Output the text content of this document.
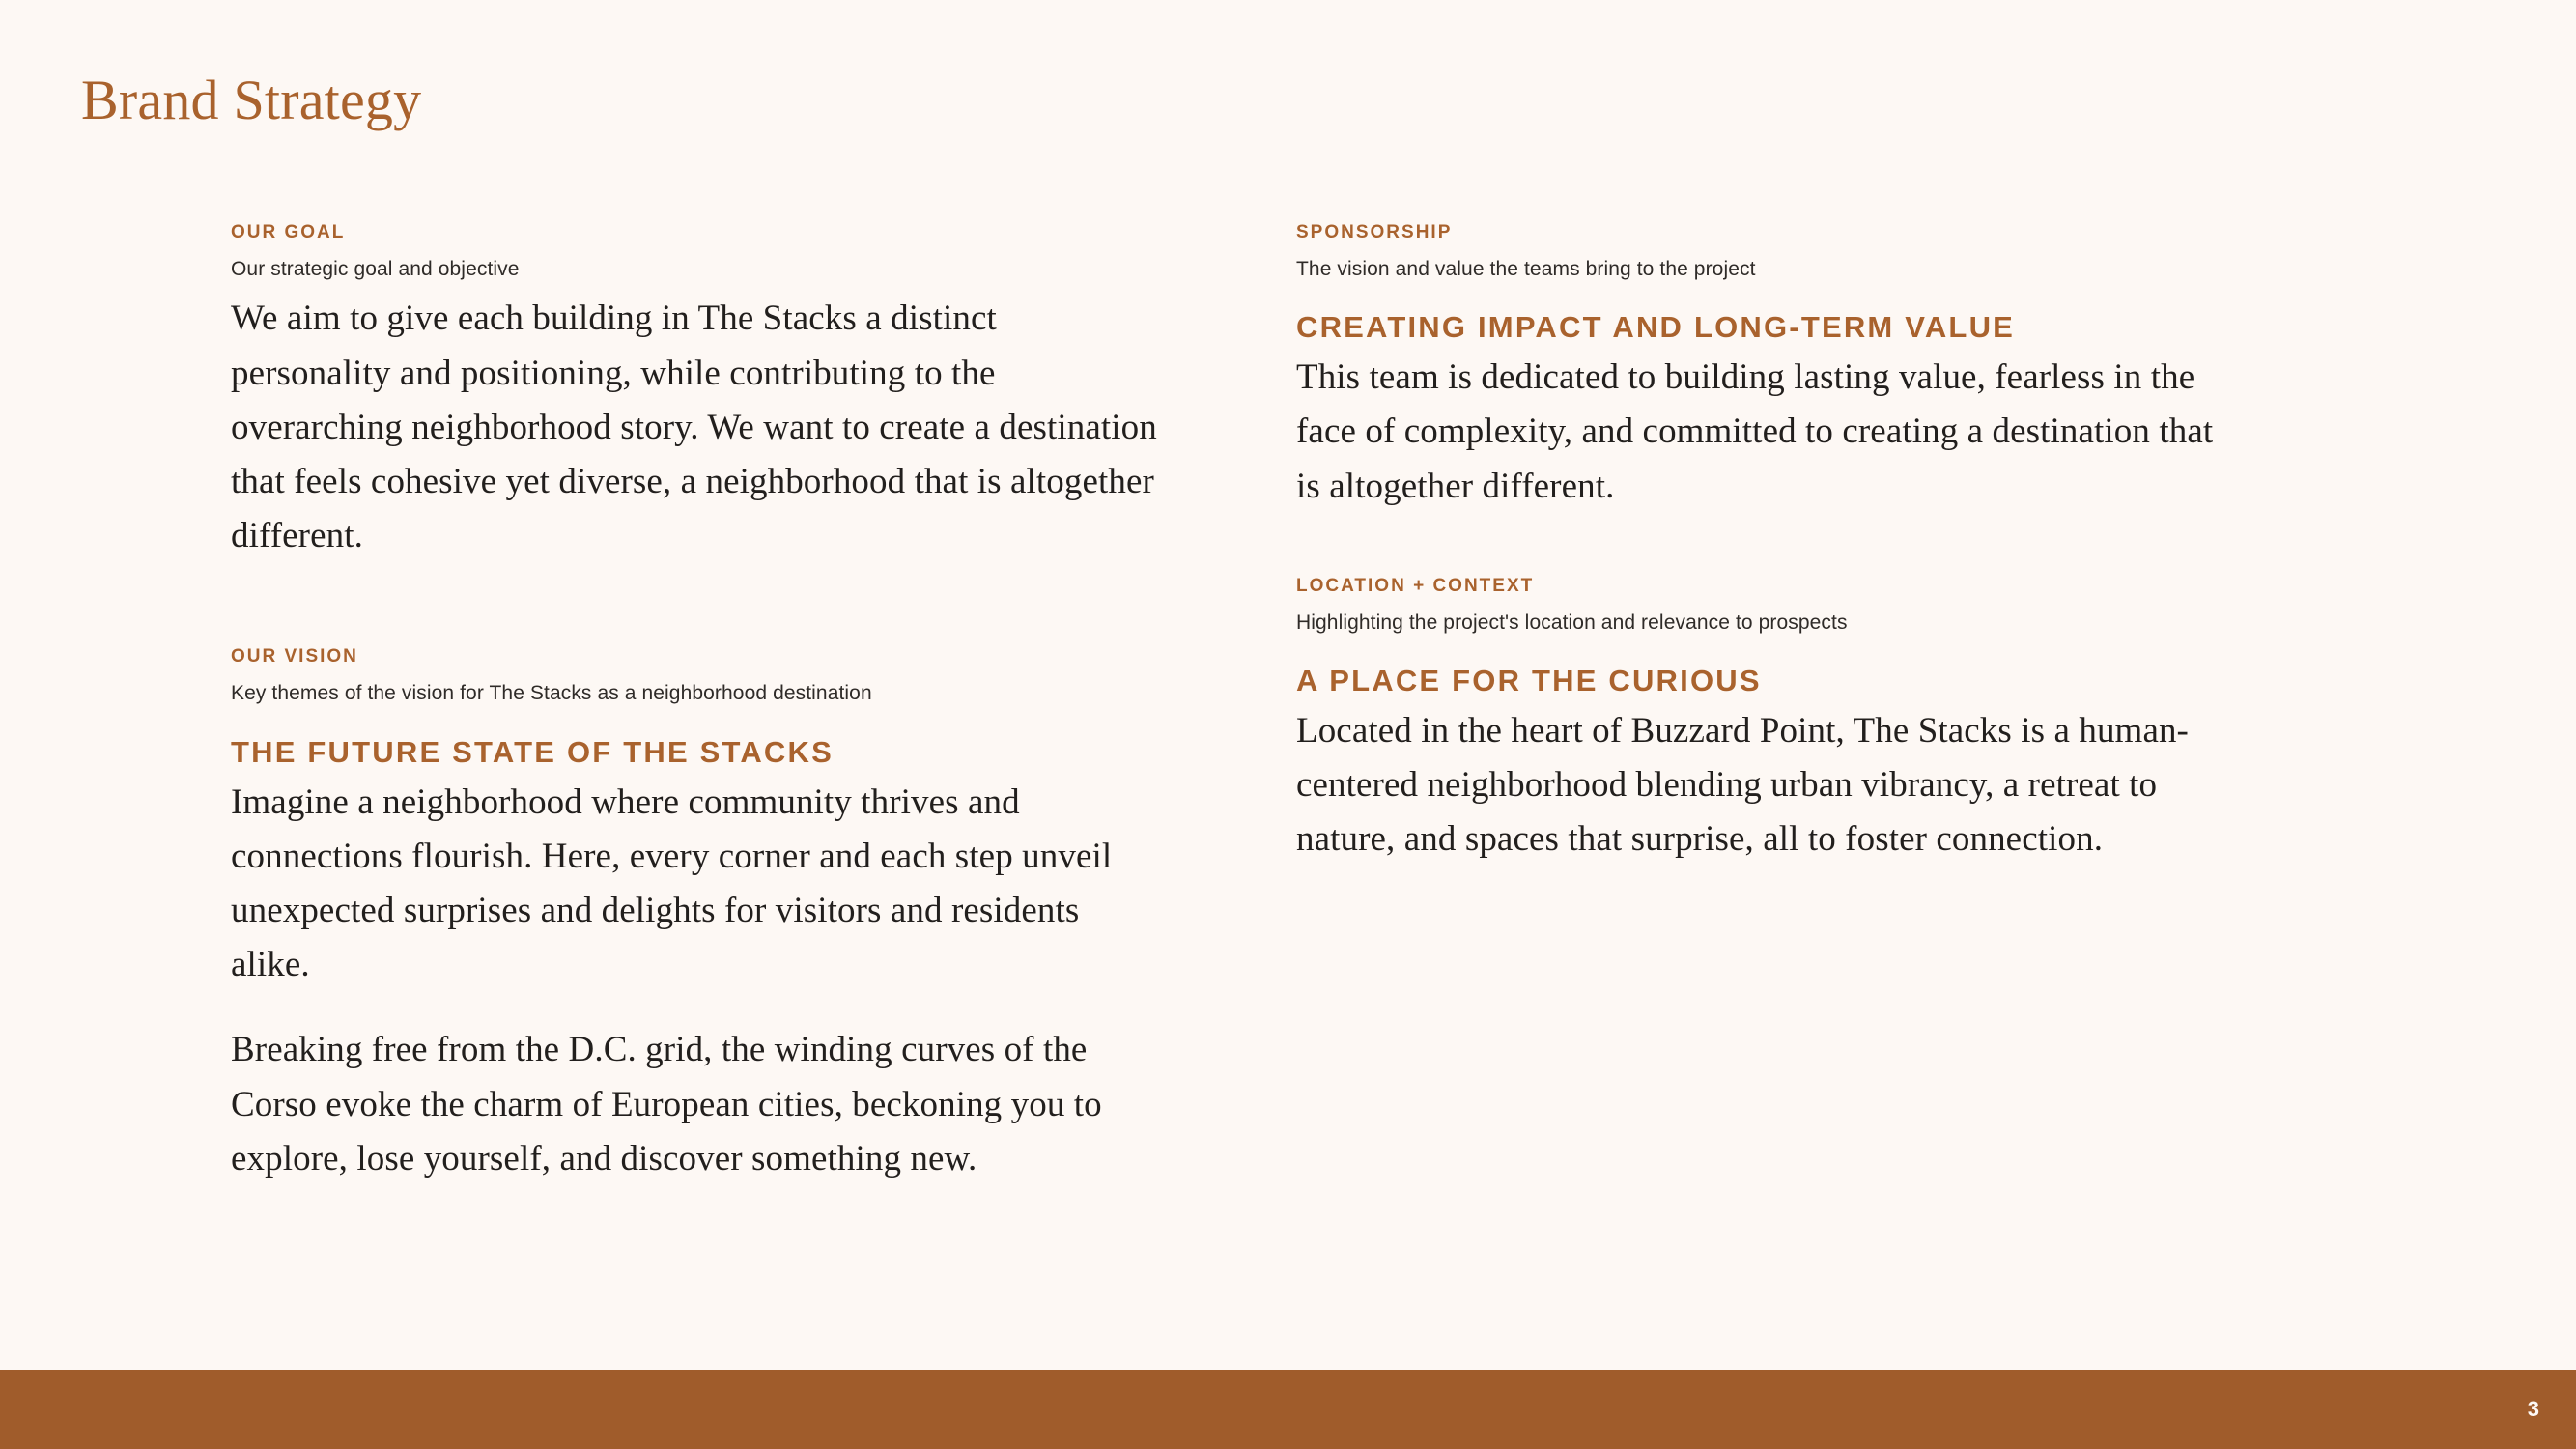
Brand Strategy
OUR GOAL
Our strategic goal and objective
We aim to give each building in The Stacks a distinct personality and positioning, while contributing to the overarching neighborhood story. We want to create a destination that feels cohesive yet diverse, a neighborhood that is altogether different.
OUR VISION
Key themes of the vision for The Stacks as a neighborhood destination
THE FUTURE STATE OF THE STACKS
Imagine a neighborhood where community thrives and connections flourish. Here, every corner and each step unveil unexpected surprises and delights for visitors and residents alike.
Breaking free from the D.C. grid, the winding curves of the Corso evoke the charm of European cities, beckoning you to explore, lose yourself, and discover something new.
SPONSORSHIP
The vision and value the teams bring to the project
CREATING IMPACT AND LONG-TERM VALUE
This team is dedicated to building lasting value, fearless in the face of complexity, and committed to creating a destination that is altogether different.
LOCATION + CONTEXT
Highlighting the project's location and relevance to prospects
A PLACE FOR THE CURIOUS
Located in the heart of Buzzard Point, The Stacks is a human-centered neighborhood blending urban vibrancy, a retreat to nature, and spaces that surprise, all to foster connection.
3
